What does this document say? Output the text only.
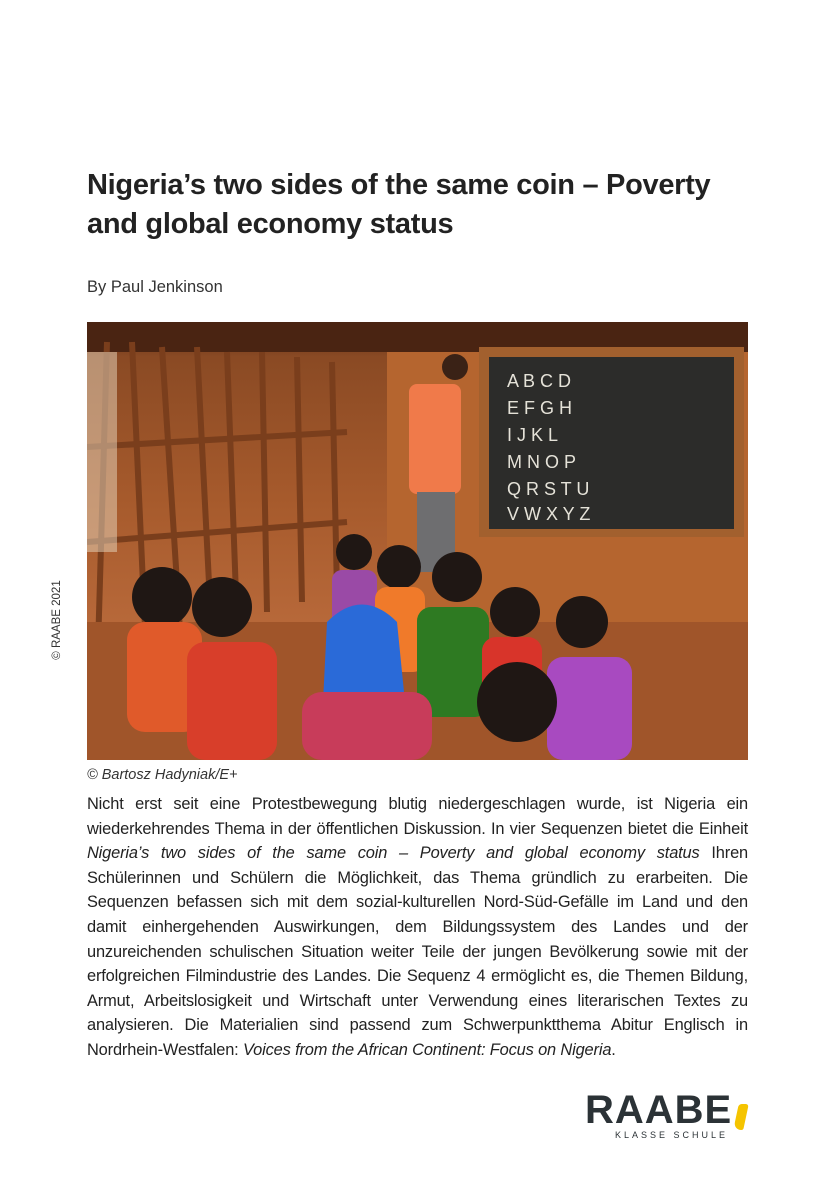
Nigeria’s two sides of the same coin – Poverty and global economy status
By Paul Jenkinson
© RAABE 2021
A B C D
E F G H
I J K L
M N O P
Q R S T U
V W X Y Z
© Bartosz Hadyniak/E+
Nicht erst seit eine Protestbewegung blutig niedergeschlagen wurde, ist Nigeria ein wiederkehrendes Thema in der öffentlichen Diskussion. In vier Sequenzen bietet die Einheit Nigeria’s two sides of the same coin – Poverty and global economy status Ihren Schülerinnen und Schülern die Möglichkeit, das Thema gründlich zu erarbeiten. Die Sequenzen befassen sich mit dem sozial-kulturellen Nord-Süd-Gefälle im Land und den damit einhergehenden Auswirkungen, dem Bildungssystem des Landes und der unzureichenden schulischen Situation weiter Teile der jungen Bevölkerung sowie mit der erfolgreichen Filmindustrie des Landes. Die Sequenz 4 ermöglicht es, die Themen Bildung, Armut, Arbeitslosigkeit und Wirtschaft unter Verwendung eines literarischen Textes zu analysieren. Die Materialien sind passend zum Schwerpunktthema Abitur Englisch in Nordrhein-Westfalen: Voices from the African Continent: Focus on Nigeria.
RAABE
KLASSE SCHULE
